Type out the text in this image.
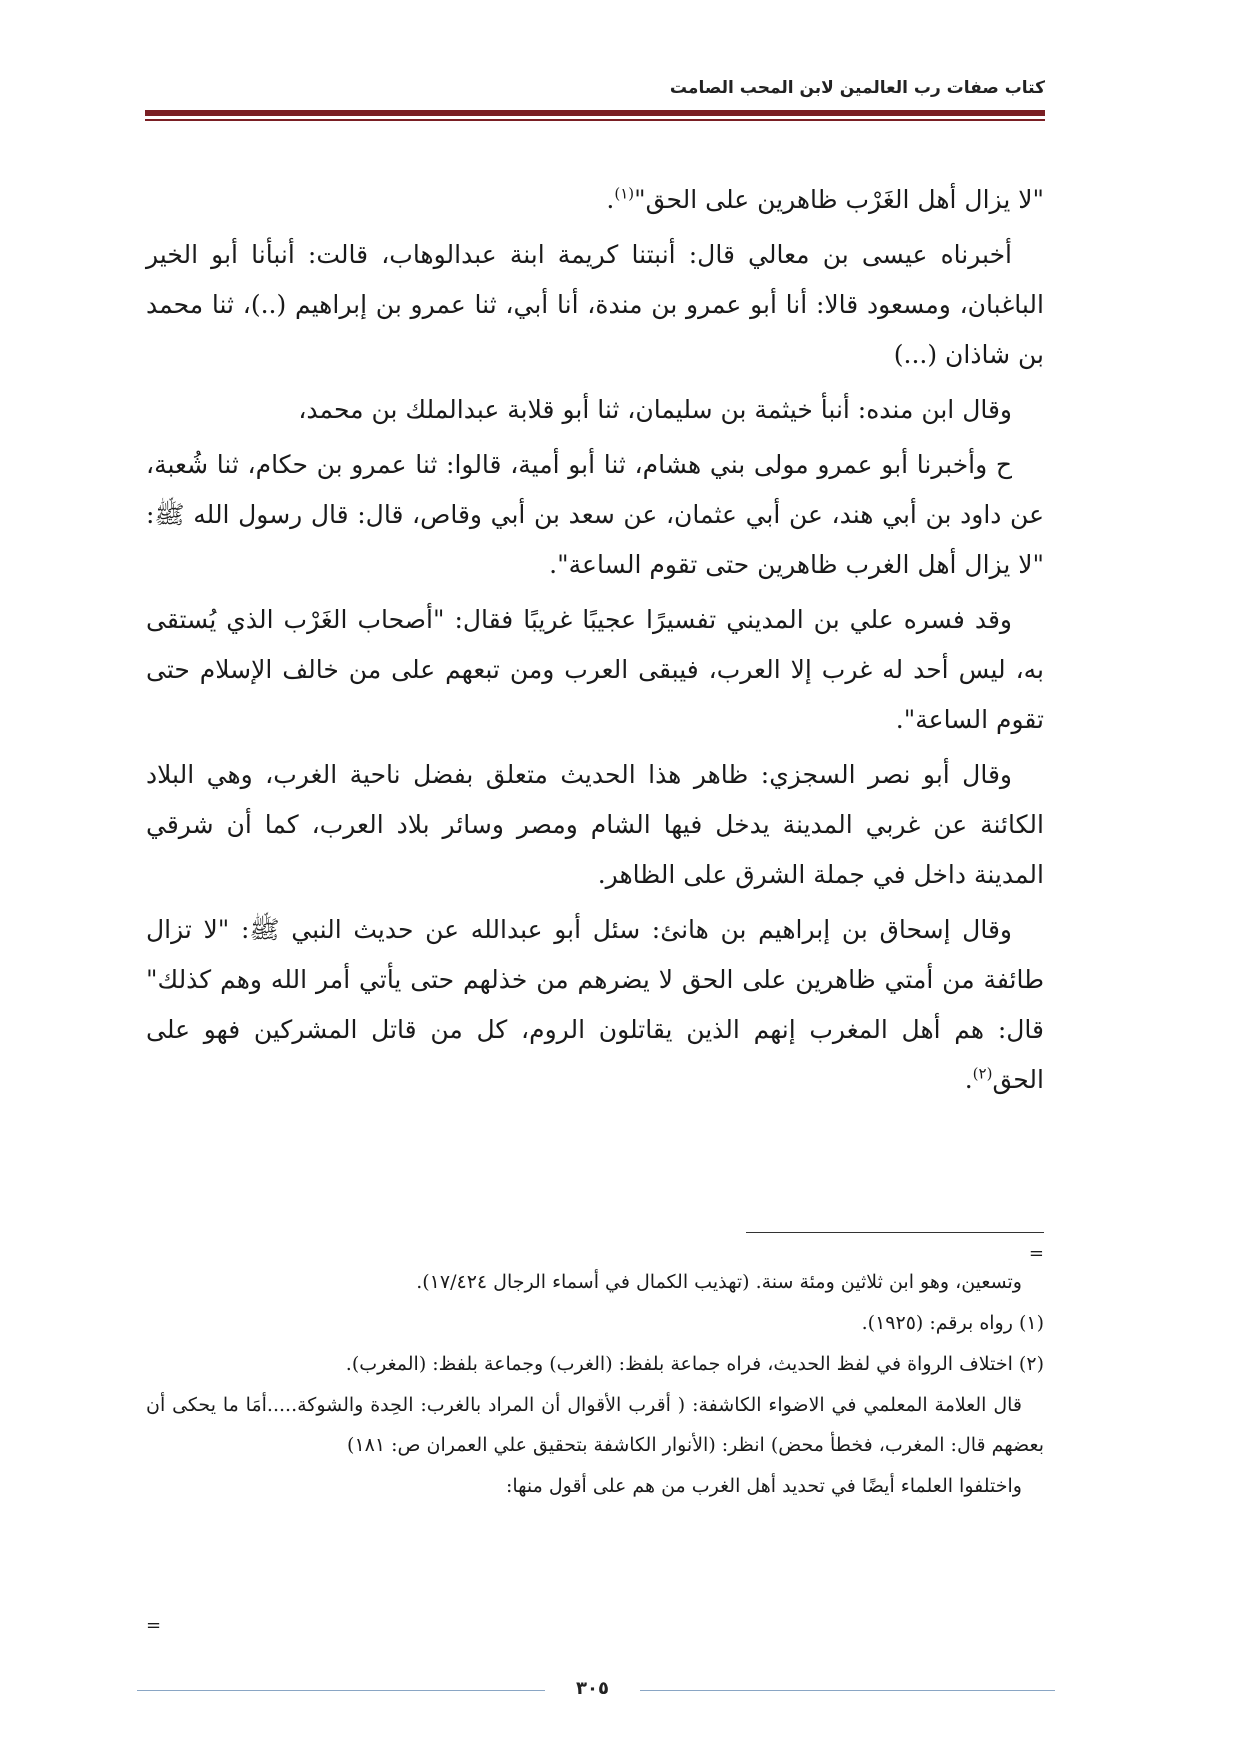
كتاب صفات رب العالمين لابن المحب الصامت

"لا يزال أهل الغَرْب ظاهرين على الحق"$^{(١)}$.

أخبرناه عيسى بن معالي قال: أنبتنا كريمة ابنة عبدالوهاب، قالت: أنبأنا أبو الخير الباغبان، ومسعود قالا: أنا أبو عمرو بن مندة، أنا أبي، ثنا عمرو بن إبراهيم (..)، ثنا محمد بن شاذان (...)

وقال ابن منده: أنبأ خيثمة بن سليمان، ثنا أبو قلابة عبدالملك بن محمد،

ح وأخبرنا أبو عمرو مولى بني هشام، ثنا أبو أمية، قالوا: ثنا عمرو بن حكام، ثنا شُعبة، عن داود بن أبي هند، عن أبي عثمان، عن سعد بن أبي وقاص، قال: قال رسول الله ﷺ: "لا يزال أهل الغرب ظاهرين حتى تقوم الساعة".

وقد فسره علي بن المديني تفسيرًا عجيبًا غريبًا فقال: "أصحاب الغَرْب الذي يُستقى به، ليس أحد له غرب إلا العرب، فيبقى العرب ومن تبعهم على من خالف الإسلام حتى تقوم الساعة".

وقال أبو نصر السجزي: ظاهر هذا الحديث متعلق بفضل ناحية الغرب، وهي البلاد الكائنة عن غربي المدينة يدخل فيها الشام ومصر وسائر بلاد العرب، كما أن شرقي المدينة داخل في جملة الشرق على الظاهر.

وقال إسحاق بن إبراهيم بن هانئ: سئل أبو عبدالله عن حديث النبي ﷺ: "لا تزال طائفة من أمتي ظاهرين على الحق لا يضرهم من خذلهم حتى يأتي أمر الله وهم كذلك" قال: هم أهل المغرب إنهم الذين يقاتلون الروم، كل من قاتل المشركين فهو على الحق$^{(٢)}$.

=

وتسعين، وهو ابن ثلاثين ومئة سنة. (تهذيب الكمال في أسماء الرجال ١٧/٤٢٤).

(١) رواه برقم: (١٩٢٥).

(٢) اختلاف الرواة في لفظ الحديث، فراه جماعة بلفظ: (الغرب) وجماعة بلفظ: (المغرب).

قال العلامة المعلمي في الاضواء الكاشفة: ( أقرب الأقوال أن المراد بالغرب: الحِدة والشوكة.....أمَا ما يحكى أن بعضهم قال: المغرب، فخطأ محض) انظر: (الأنوار الكاشفة بتحقيق علي العمران ص: ١٨١)

واختلفوا العلماء أيضًا في تحديد أهل الغرب من هم على أقول منها:

=
٣٠٥
